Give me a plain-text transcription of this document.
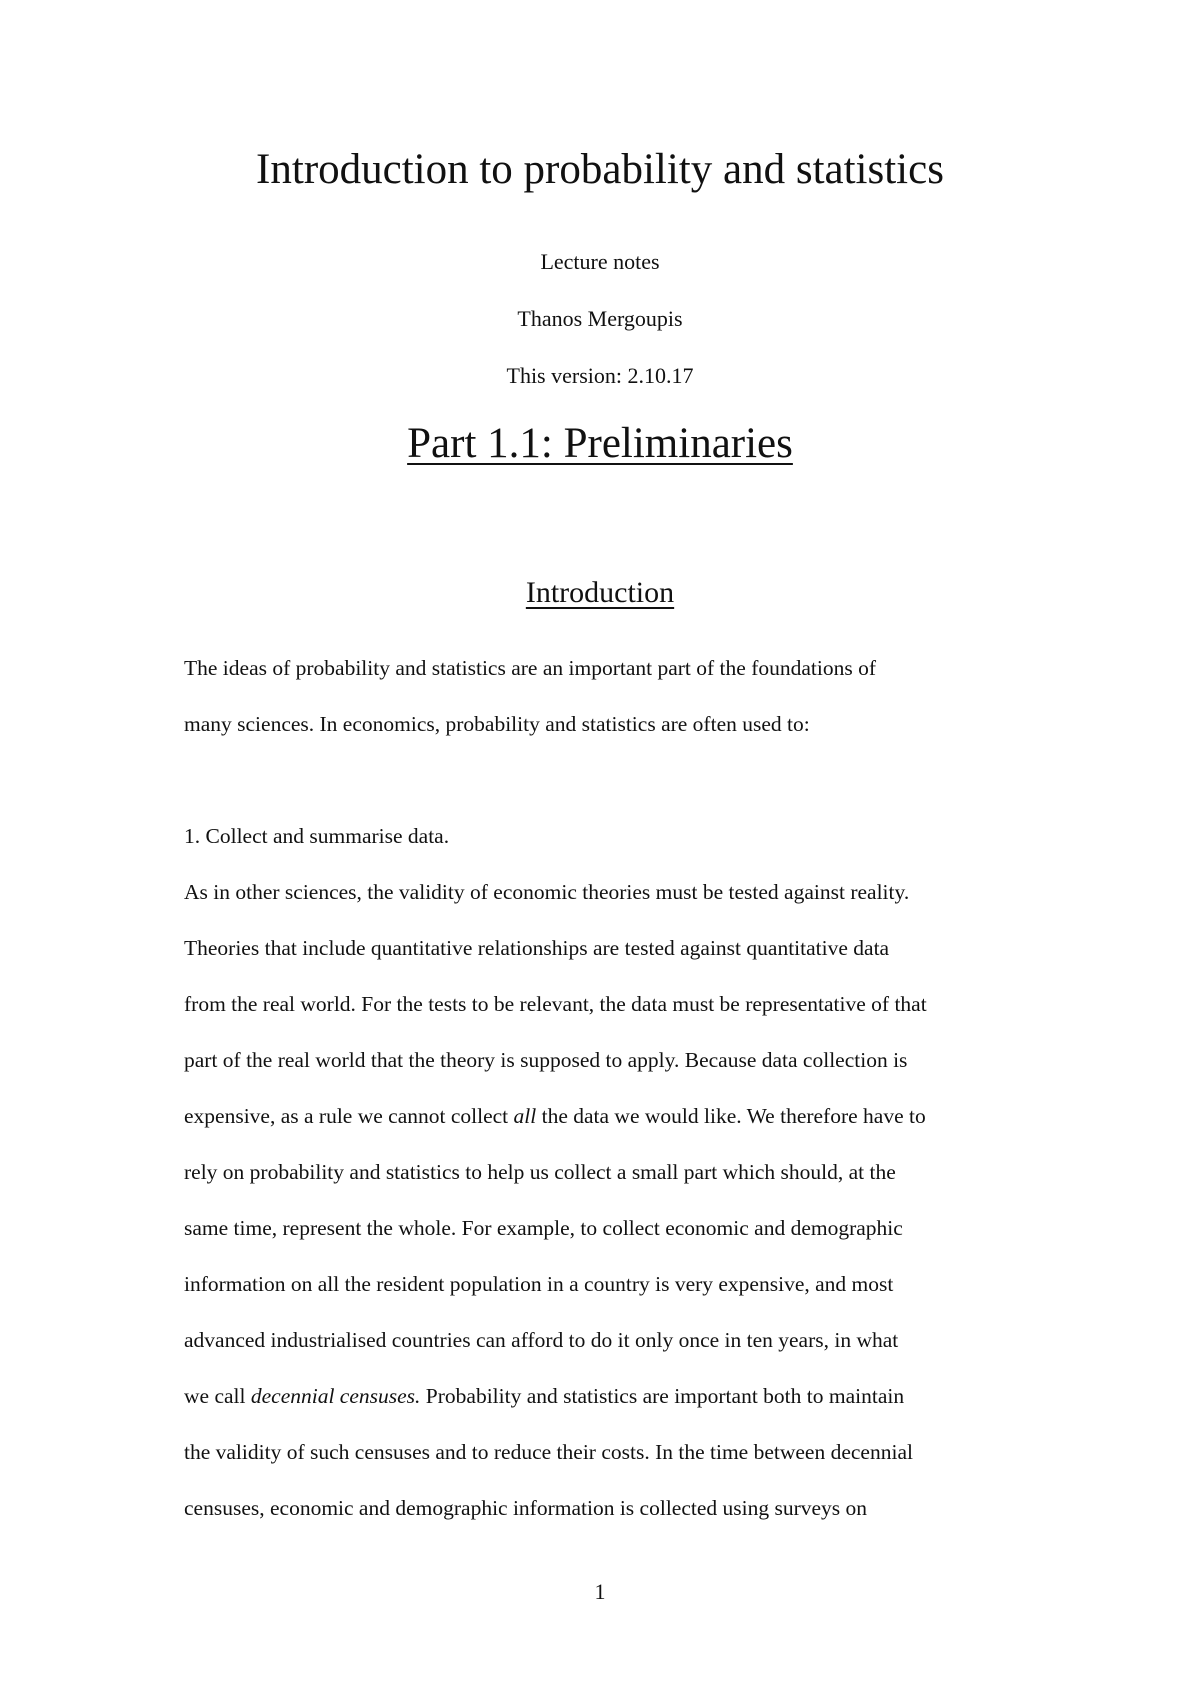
Introduction to probability and statistics

Lecture notes

Thanos Mergoupis

This version: 2.10.17

Part 1.1: Preliminaries
Introduction
The ideas of probability and statistics are an important part of the foundations of
many sciences. In economics, probability and statistics are often used to:
1. Collect and summarise data.
As in other sciences, the validity of economic theories must be tested against reality.
Theories that include quantitative relationships are tested against quantitative data
from the real world. For the tests to be relevant, the data must be representative of that
part of the real world that the theory is supposed to apply. Because data collection is
expensive, as a rule we cannot collect all the data we would like. We therefore have to
rely on probability and statistics to help us collect a small part which should, at the
same time, represent the whole. For example, to collect economic and demographic
information on all the resident population in a country is very expensive, and most
advanced industrialised countries can afford to do it only once in ten years, in what
we call decennial censuses. Probability and statistics are important both to maintain
the validity of such censuses and to reduce their costs. In the time between decennial
censuses, economic and demographic information is collected using surveys on

1
